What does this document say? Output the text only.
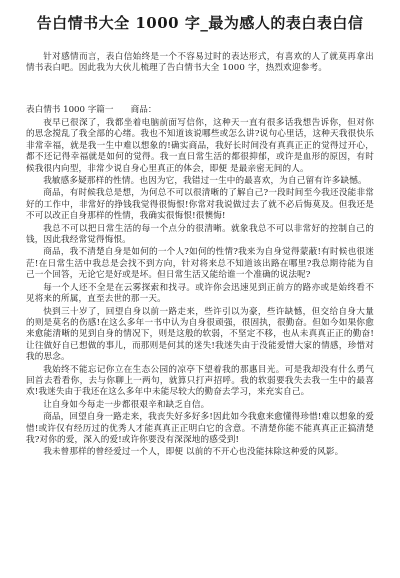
告白情书大全 1000 字_最为感人的表白表白信
针对感情而言，表白信始终是一个不容易过时的表达形式，有喜欢的人了就莫再拿出情书表白吧。因此我为大伙儿梳理了告白情书大全 1000 字，热烈欢迎参考。
表白情书 1000 字篇一　　商品：

夜早已很深了，我都坐着电脑前面写信你，这种天一直有很多话我想告诉你，但对你的思念搅乱了我全部的心绪。我也不知道该说哪些或怎么讲?说句心里话，这种天我很快乐非常幸福，就是我一生中难以想象的!确实商品，我好长时间没有真真正正的觉得过开心，都不还记得幸福就是如何的觉得。我一直日常生活的都很抑郁，或许是血形的原因，有时候我很内向型，非常少说自身心里真正的体会，即便 是最亲密无间的人。

我敏感多疑那样的性情。也因为它，我错过一生中的最喜欢，为自己留有许多缺憾。

商品，有时候我总是想，为何总不可以很清晰的了解自己?一段时间至今我还没能非常好的工作中，非常好的挣钱我觉得很悔恨!你常对我说做过去了就不必后悔莫及。但我还是不可以改正自身那样的性情，我确实很悔恨!很懊悔!

我总不可以把日常生活的每一个点分的很清晰。就象我总不可以非常好的控制自己的钱，因此我经常觉得悔恨。

商品，我不清楚自身是如何的一个人?如何的性情?我来为自身觉得蒙蔽!有时候也很迷茫!在日常生活中我总是会找不到方向，针对将来总不知道该出路在哪里?我总期待能为自己一个回答，无论它是好或是坏。但日常生活又能给谁一个准确的说法呢?

每一个人还不全是在云雾探索和找寻。或许你会迅速见到正前方的路亦或是始终看不见将来的所属，直至去世的那一天。

快到三十岁了，回望自身以前一路走来，些许引以为豪，些许缺憾，但交给自身大量的则是莫名的伤感!在这么多年一书中认为自身很顽强，很固执，很勤奋。但如今如果你愈来愈能清晰的见到自身的情况下，则是这般的软弱，不坚定不移，也从未真真正正的勤奋!让往做好自已想做的事儿，而那则是何其的迷失!我迷失由于没能爱惜大家的情感，珍惜对我的思念。

我始终不能忘记你立在生态公园的凉亭下望着我的那惠目光。可是我却没有什么勇气回首去看看你，去与你聊上一两句，就算只打声招呼。我的软弱要我失去我一生中的最喜欢!我迷失由于我还在这么多年中未能尽较大的勤奋去学习，来充实自己。

让自身如今每走一步都很艰辛和缺乏自信。

商品，回望自身一路走来，我丧失好多好多!因此如今我愈来愈懂得珍惜!难以想象的爱惜!或许仅有经历过的优秀人才能真真正正明白它的含意。不清楚你能不能真真正正搞清楚我?对你的爱，深入的爱!或许你要没有深深地的感受到!

我未曾那样的曾经爱过一个人，即便 以前的不开心也没能抹除这种爱的风影。
